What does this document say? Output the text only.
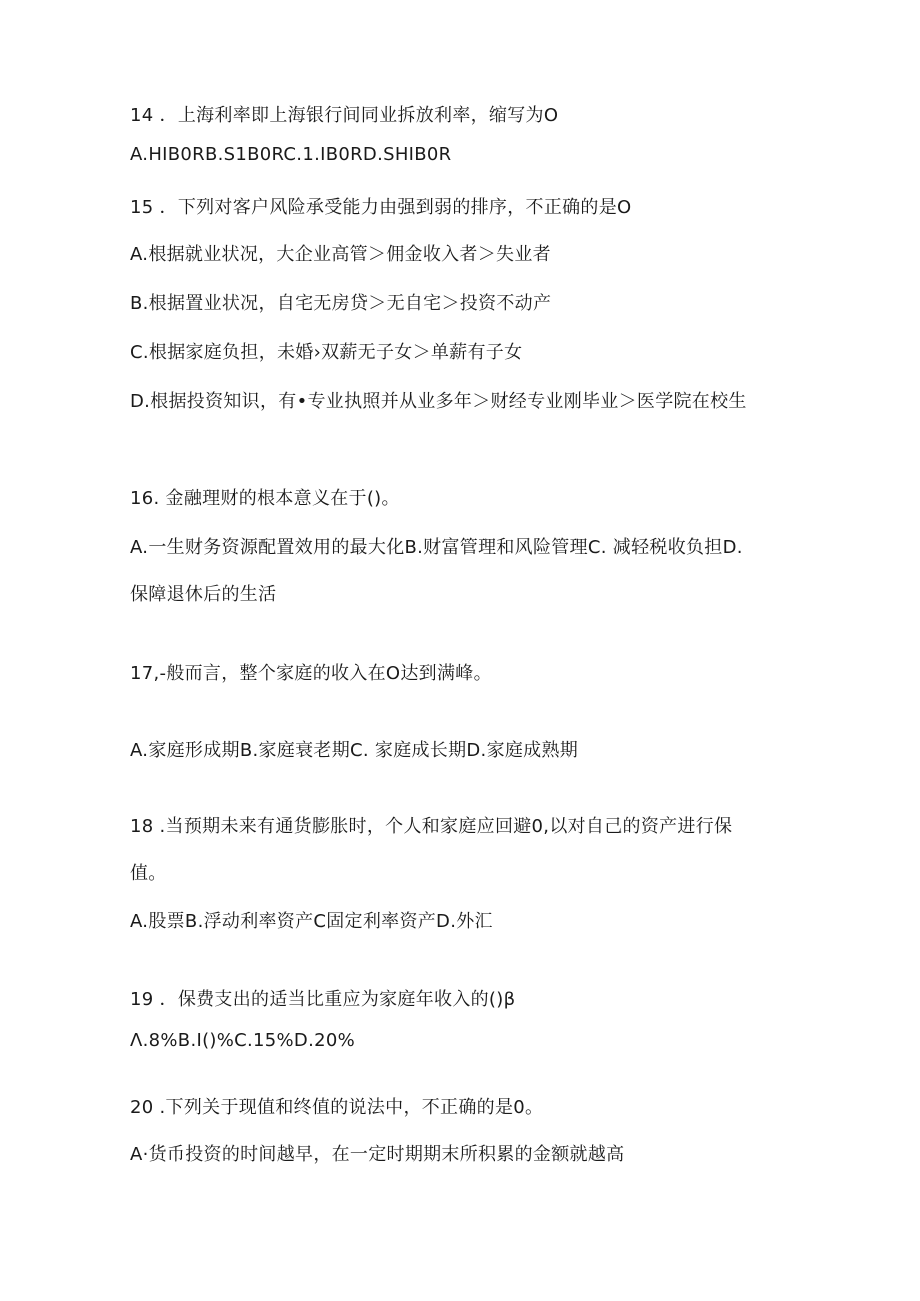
14 ．上海利率即上海银行间同业拆放利率，缩写为O
A.HIB0RB.S1B0RC.1.IB0RD.SHIB0R
15 ．下列对客户风险承受能力由强到弱的排序，不正确的是O
A.根据就业状况，大企业高管＞佣金收入者＞失业者
B.根据置业状况，自宅无房贷＞无自宅＞投资不动产
C.根据家庭负担，未婚›双薪无子女＞单薪有子女
D.根据投资知识，有•专业执照并从业多年＞财经专业刚毕业＞医学院在校生
16. 金融理财的根本意义在于()。
A.一生财务资源配置效用的最大化B.财富管理和风险管理C. 减轻税收负担D.
保障退休后的生活
17,-般而言，整个家庭的收入在O达到满峰。
A.家庭形成期B.家庭衰老期C. 家庭成长期D.家庭成熟期
18 .当预期未来有通货膨胀时，个人和家庭应回避0,以对自己的资产进行保
值。
A.股票B.浮动利率资产C固定利率资产D.外汇
19 ．保费支出的适当比重应为家庭年收入的()β
Λ.8%B.I()%C.15%D.20%
20 .下列关于现值和终值的说法中，不正确的是0。
A·货币投资的时间越早，在一定时期期末所积累的金额就越高
